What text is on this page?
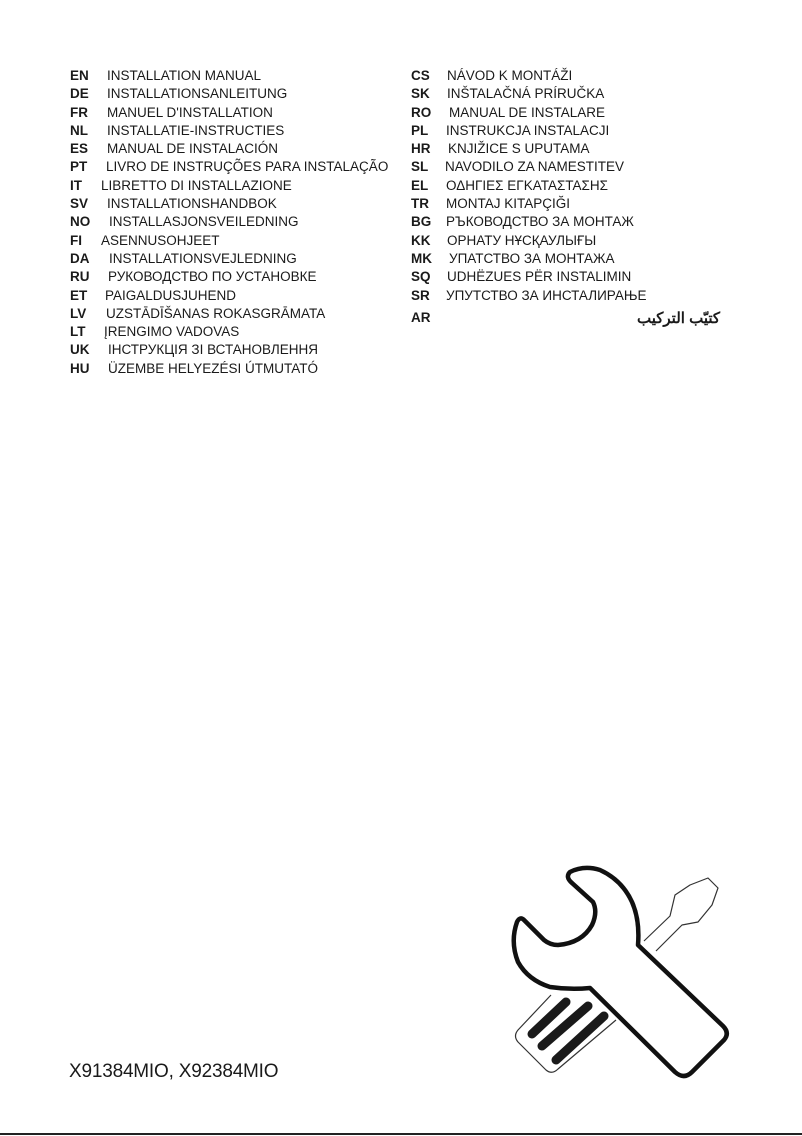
EN INSTALLATION MANUAL
DE INSTALLATIONSANLEITUNG
FR MANUEL D'INSTALLATION
NL INSTALLATIE-INSTRUCTIES
ES MANUAL DE INSTALACIÓN
PT LIVRO DE INSTRUÇÕES PARA INSTALAÇÃO
IT LIBRETTO DI INSTALLAZIONE
SV INSTALLATIONSHANDBOK
NO INSTALLASJONSVEILEDNING
FI ASENNUSOHJEET
DA INSTALLATIONSVEJLEDNING
RU РУКОВОДСТВО ПО УСТАНОВКЕ
ET PAIGALDUSJUHEND
LV UZSTĀDĪŠANAS ROKASGRĀMATA
LT ĮRENGIMO VADOVAS
UK ІНСТРУКЦІЯ ЗІ ВСТАНОВЛЕННЯ
HU ÜZEMBE HELYEZÉSI ÚTMUTATÓ
CS NÁVOD K MONTÁŽI
SK INŠTALAČNÁ PRÍRUČKA
RO MANUAL DE INSTALARE
PL INSTRUKCJA INSTALACJI
HR KNJIŽICE S UPUTAMA
SL NAVODILO ZA NAMESTITEV
EL ΟΔΗΓΙΕΣ ΕΓΚΑΤΑΣΤΑΣΗΣ
TR MONTAJ KITAPÇIĞI
BG РЪКОВОДСТВО ЗА МОНТАЖ
KK ОРНАТУ НҰСҚАУЛЫҒЫ
MK УПАТСТВО ЗА МОНТАЖА
SQ UDHËZUES PËR INSTALIMIN
SR УПУТСТВО ЗА ИНСТАЛИРАЊЕ
AR	كتيّب التركيب
X91384MIO, X92384MIO
